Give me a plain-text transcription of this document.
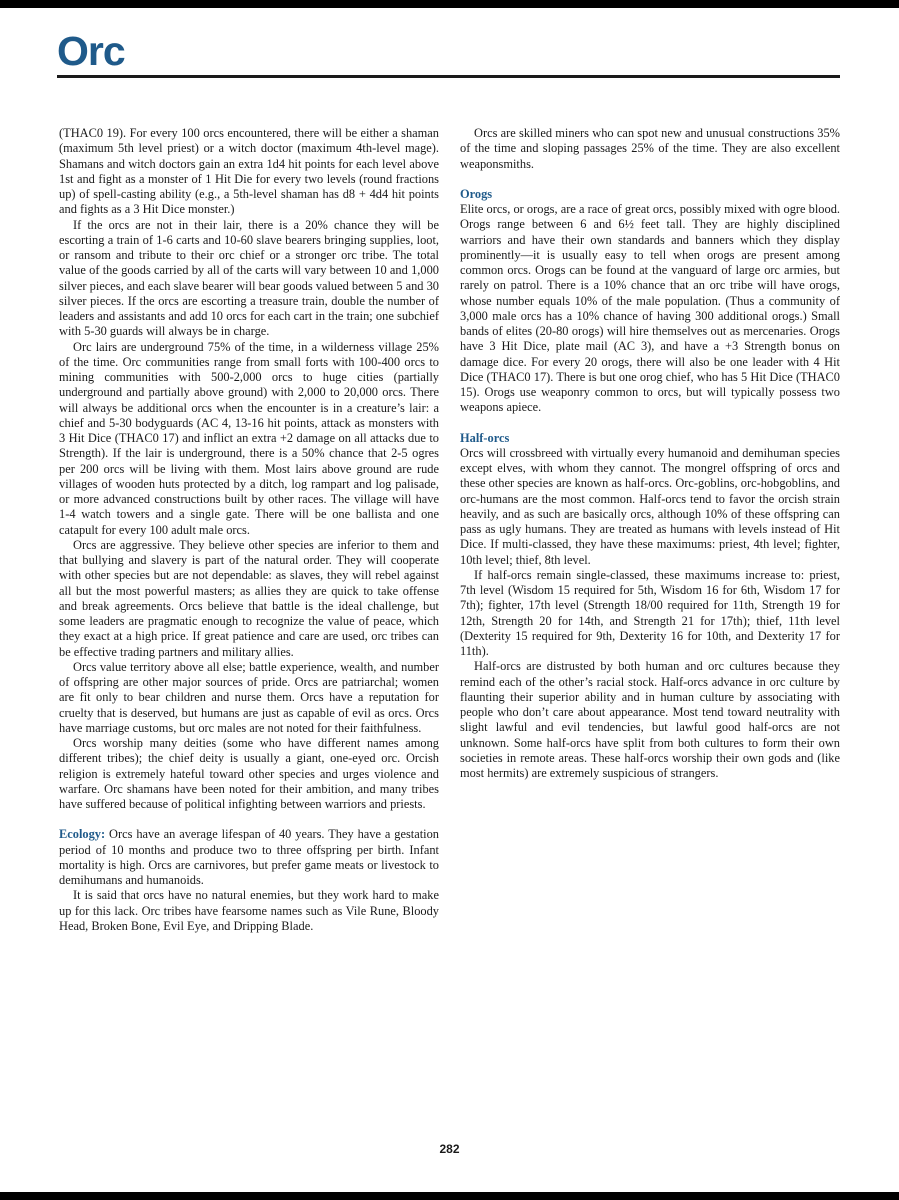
Orc

(THAC0 19). For every 100 orcs encountered, there will be either a shaman (maximum 5th level priest) or a witch doctor (maximum 4th-level mage). Shamans and witch doctors gain an extra 1d4 hit points for each level above 1st and fight as a monster of 1 Hit Die for every two levels (round fractions up) of spell-casting ability (e.g., a 5th-level shaman has d8 + 4d4 hit points and fights as a 3 Hit Dice monster.)

If the orcs are not in their lair, there is a 20% chance they will be escorting a train of 1-6 carts and 10-60 slave bearers bringing supplies, loot, or ransom and tribute to their orc chief or a stronger orc tribe. The total value of the goods carried by all of the carts will vary between 10 and 1,000 silver pieces, and each slave bearer will bear goods valued between 5 and 30 silver pieces. If the orcs are escorting a treasure train, double the number of leaders and assistants and add 10 orcs for each cart in the train; one subchief with 5-30 guards will always be in charge.

Orc lairs are underground 75% of the time, in a wilderness village 25% of the time. Orc communities range from small forts with 100-400 orcs to mining communities with 500-2,000 orcs to huge cities (partially underground and partially above ground) with 2,000 to 20,000 orcs. There will always be additional orcs when the encounter is in a creature’s lair: a chief and 5-30 bodyguards (AC 4, 13-16 hit points, attack as monsters with 3 Hit Dice (THAC0 17) and inflict an extra +2 damage on all attacks due to Strength). If the lair is underground, there is a 50% chance that 2-5 ogres per 200 orcs will be living with them. Most lairs above ground are rude villages of wooden huts protected by a ditch, log rampart and log palisade, or more advanced constructions built by other races. The village will have 1-4 watch towers and a single gate. There will be one ballista and one catapult for every 100 adult male orcs.

Orcs are aggressive. They believe other species are inferior to them and that bullying and slavery is part of the natural order. They will cooperate with other species but are not dependable: as slaves, they will rebel against all but the most powerful masters; as allies they are quick to take offense and break agreements. Orcs believe that battle is the ideal challenge, but some leaders are pragmatic enough to recognize the value of peace, which they exact at a high price. If great patience and care are used, orc tribes can be effective trading partners and military allies.

Orcs value territory above all else; battle experience, wealth, and number of offspring are other major sources of pride. Orcs are patriarchal; women are fit only to bear children and nurse them. Orcs have a reputation for cruelty that is deserved, but humans are just as capable of evil as orcs. Orcs have marriage customs, but orc males are not noted for their faithfulness.

Orcs worship many deities (some who have different names among different tribes); the chief deity is usually a giant, one-eyed orc. Orcish religion is extremely hateful toward other species and urges violence and warfare. Orc shamans have been noted for their ambition, and many tribes have suffered because of political infighting between warriors and priests.

Ecology: Orcs have an average lifespan of 40 years. They have a gestation period of 10 months and produce two to three offspring per birth. Infant mortality is high. Orcs are carnivores, but prefer game meats or livestock to demihumans and humanoids.

It is said that orcs have no natural enemies, but they work hard to make up for this lack. Orc tribes have fearsome names such as Vile Rune, Bloody Head, Broken Bone, Evil Eye, and Dripping Blade.

Orcs are skilled miners who can spot new and unusual constructions 35% of the time and sloping passages 25% of the time. They are also excellent weaponsmiths.

Orogs

Elite orcs, or orogs, are a race of great orcs, possibly mixed with ogre blood. Orogs range between 6 and 6½ feet tall. They are highly disciplined warriors and have their own standards and banners which they display prominently—it is usually easy to tell when orogs are present among common orcs. Orogs can be found at the vanguard of large orc armies, but rarely on patrol. There is a 10% chance that an orc tribe will have orogs, whose number equals 10% of the male population. (Thus a community of 3,000 male orcs has a 10% chance of having 300 additional orogs.) Small bands of elites (20-80 orogs) will hire themselves out as mercenaries. Orogs have 3 Hit Dice, plate mail (AC 3), and have a +3 Strength bonus on damage dice. For every 20 orogs, there will also be one leader with 4 Hit Dice (THAC0 17). There is but one orog chief, who has 5 Hit Dice (THAC0 15). Orogs use weaponry common to orcs, but will typically possess two weapons apiece.

Half-orcs

Orcs will crossbreed with virtually every humanoid and demihuman species except elves, with whom they cannot. The mongrel offspring of orcs and these other species are known as half-orcs. Orc-goblins, orc-hobgoblins, and orc-humans are the most common. Half-orcs tend to favor the orcish strain heavily, and as such are basically orcs, although 10% of these offspring can pass as ugly humans. They are treated as humans with levels instead of Hit Dice. If multi-classed, they have these maximums: priest, 4th level; fighter, 10th level; thief, 8th level.

If half-orcs remain single-classed, these maximums increase to: priest, 7th level (Wisdom 15 required for 5th, Wisdom 16 for 6th, Wisdom 17 for 7th); fighter, 17th level (Strength 18/00 required for 11th, Strength 19 for 12th, Strength 20 for 14th, and Strength 21 for 17th); thief, 11th level (Dexterity 15 required for 9th, Dexterity 16 for 10th, and Dexterity 17 for 11th).

Half-orcs are distrusted by both human and orc cultures because they remind each of the other’s racial stock. Half-orcs advance in orc culture by flaunting their superior ability and in human culture by associating with people who don’t care about appearance. Most tend toward neutrality with slight lawful and evil tendencies, but lawful good half-orcs are not unknown. Some half-orcs have split from both cultures to form their own societies in remote areas. These half-orcs worship their own gods and (like most hermits) are extremely suspicious of strangers.

282
